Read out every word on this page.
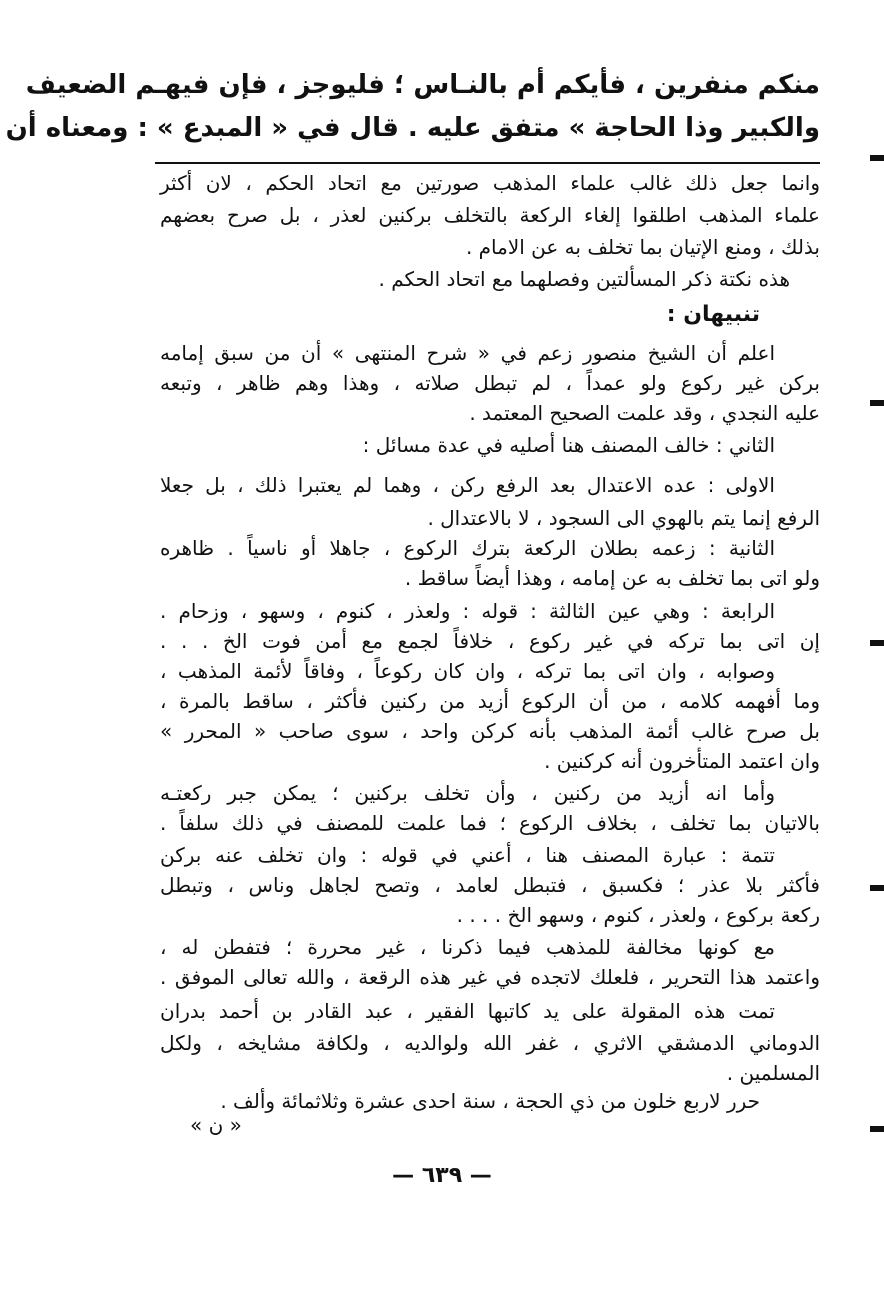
منكم منفرين ، فأيكم أم بالنـاس ؛ فليوجز ، فإن فيهـم الضعيف
والكبير وذا الحاجة » متفق عليه . قال في « المبدع » : ومعناه أن
وانما جعل ذلك غالب علماء المذهب صورتين مع اتحاد الحكم ، لان أكثر
علماء المذهب اطلقوا إلغاء الركعة بالتخلف بركنين لعذر ، بل صرح بعضهم
بذلك ، ومنع الإتيان بما تخلف به عن الامام .
هذه نكتة ذكر المسألتين وفصلهما مع اتحاد الحكم .
تنبيهان :
اعلم أن الشيخ منصور زعم في « شرح المنتهى » أن من سبق إمامه
بركن غير ركوع ولو عمداً ، لم تبطل صلاته ، وهذا وهم ظاهر ، وتبعه
عليه النجدي ، وقد علمت الصحيح المعتمد .
الثاني : خالف المصنف هنا أصليه في عدة مسائل :
الاولى : عده الاعتدال بعد الرفع ركن ، وهما لم يعتبرا ذلك ، بل جعلا
الرفع إنما يتم بالهوي الى السجود ، لا بالاعتدال .
الثانية : زعمه بطلان الركعة بترك الركوع ، جاهلا أو ناسياً . ظاهره
ولو اتى بما تخلف به عن إمامه ، وهذا أيضاً ساقط .
الرابعة : وهي عين الثالثة : قوله : ولعذر ، كنوم ، وسهو ، وزحام .
إن اتى بما تركه في غير ركوع ، خلافاً لجمع مع أمن فوت الخ . . .
وصوابه ، وان اتى بما تركه ، وان كان ركوعاً ، وفاقاً لأئمة المذهب ،
وما أفهمه كلامه ، من أن الركوع أزيد من ركنين فأكثر ، ساقط بالمرة ،
بل صرح غالب أئمة المذهب بأنه كركن واحد ، سوى صاحب « المحرر »
وان اعتمد المتأخرون أنه كركنين .
وأما انه أزيد من ركنين ، وأن تخلف بركنين ؛ يمكن جبر ركعتـه
بالاتيان بما تخلف ، بخلاف الركوع ؛ فما علمت للمصنف في ذلك سلفاً .
تتمة : عبارة المصنف هنا ، أعني في قوله : وان تخلف عنه بركن
فأكثر بلا عذر ؛ فكسبق ، فتبطل لعامد ، وتصح لجاهل وناس ، وتبطل
ركعة بركوع ، ولعذر ، كنوم ، وسهو الخ . . . .
مع كونها مخالفة للمذهب فيما ذكرنا ، غير محررة ؛ فتفطن له ،
واعتمد هذا التحرير ، فلعلك لاتجده في غير هذه الرقعة ، والله تعالى الموفق .
تمت هذه المقولة على يد كاتبها الفقير ، عبد القادر بن أحمد بدران
الدوماني الدمشقي الاثري ، غفر الله ولوالديه ، ولكافة مشايخه ، ولكل
المسلمين .
حرر لاربع خلون من ذي الحجة ، سنة احدى عشرة وثلاثمائة وألف .
« ن »
— ٦٣٩ —
